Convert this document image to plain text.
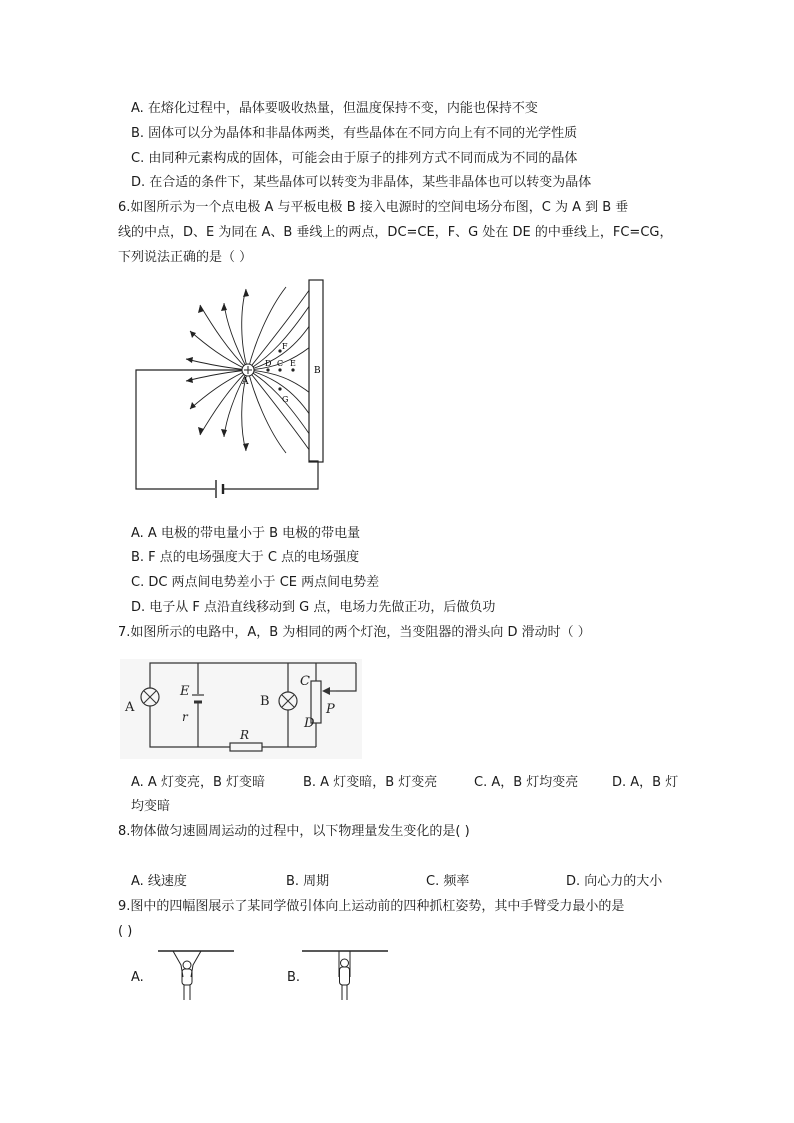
A. 在熔化过程中，晶体要吸收热量，但温度保持不变，内能也保持不变
B. 固体可以分为晶体和非晶体两类，有些晶体在不同方向上有不同的光学性质
C. 由同种元素构成的固体，可能会由于原子的排列方式不同而成为不同的晶体
D. 在合适的条件下，某些晶体可以转变为非晶体，某些非晶体也可以转变为晶体
6.如图所示为一个点电极 A 与平板电极 B 接入电源时的空间电场分布图，C 为 A 到 B 垂
线的中点，D、E 为同在 A、B 垂线上的两点，DC=CE，F、G 处在 DE 的中垂线上，FC=CG，
下列说法正确的是（ ）
A
B
D C E
F
G
A. A 电极的带电量小于 B 电极的带电量
B. F 点的电场强度大于 C 点的电场强度
C. DC 两点间电势差小于 CE 两点间电势差
D. 电子从 F 点沿直线移动到 G 点，电场力先做正功，后做负功
7.如图所示的电路中，A，B 为相同的两个灯泡，当变阻器的滑头向 D 滑动时（ ）
A
E
r
B
C
P
D
R
A. A 灯变亮，B 灯变暗	B. A 灯变暗，B 灯变亮	C. A，B 灯均变亮	D. A，B 灯
均变暗
8.物体做匀速圆周运动的过程中，以下物理量发生变化的是( )
A. 线速度	B. 周期	C. 频率	D. 向心力的大小
9.图中的四幅图展示了某同学做引体向上运动前的四种抓杠姿势，其中手臂受力最小的是
( )
A.	B.
